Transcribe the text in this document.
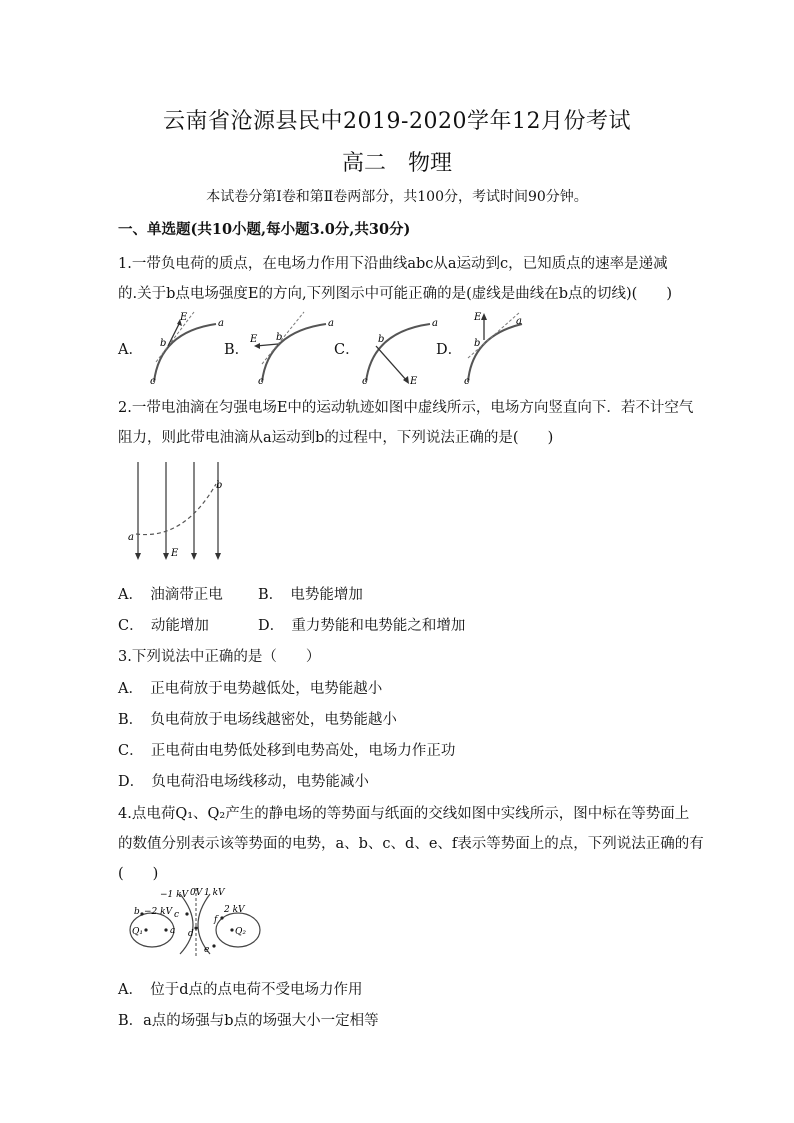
云南省沧源县民中2019-2020学年12月份考试
高二　物理
本试卷分第Ⅰ卷和第Ⅱ卷两部分，共100分，考试时间90分钟。
一、单选题(共10小题,每小题3.0分,共30分)
1.一带负电荷的质点，在电场力作用下沿曲线abc从a运动到c，已知质点的速率是递减
的.关于b点电场强度E的方向,下列图示中可能正确的是(虚线是曲线在b点的切线)(　　)
A．	B．	C．	D．
E
a
b
c
E
a
b
c	E
a
b
c
E	a
b
c
2.一带电油滴在匀强电场E中的运动轨迹如图中虚线所示，电场方向竖直向下．若不计空气
阻力，则此带电油滴从a运动到b的过程中，下列说法正确的是(　　)
a
b
E
A．　油滴带正电 B．　电势能增加
C．　动能增加	D．　重力势能和电势能之和增加
3.下列说法中正确的是（　　）
A．　正电荷放于电势越低处，电势能越小
B．　负电荷放于电场线越密处，电势能越小
C．　正电荷由电势低处移到电势高处，电场力作正功
D．　负电荷沿电场线移动，电势能减小
4.点电荷Q₁、Q₂产生的静电场的等势面与纸面的交线如图中实线所示，图中标在等势面上
的数值分别表示该等势面的电势，a、b、c、d、e、f表示等势面上的点，下列说法正确的有
(　　)
−1 kV 0V 1 kV
−2 kV	2 kV
Q₁	Q₂
a
b	c
d
e
f
A．　位于d点的点电荷不受电场力作用
B．a点的场强与b点的场强大小一定相等
